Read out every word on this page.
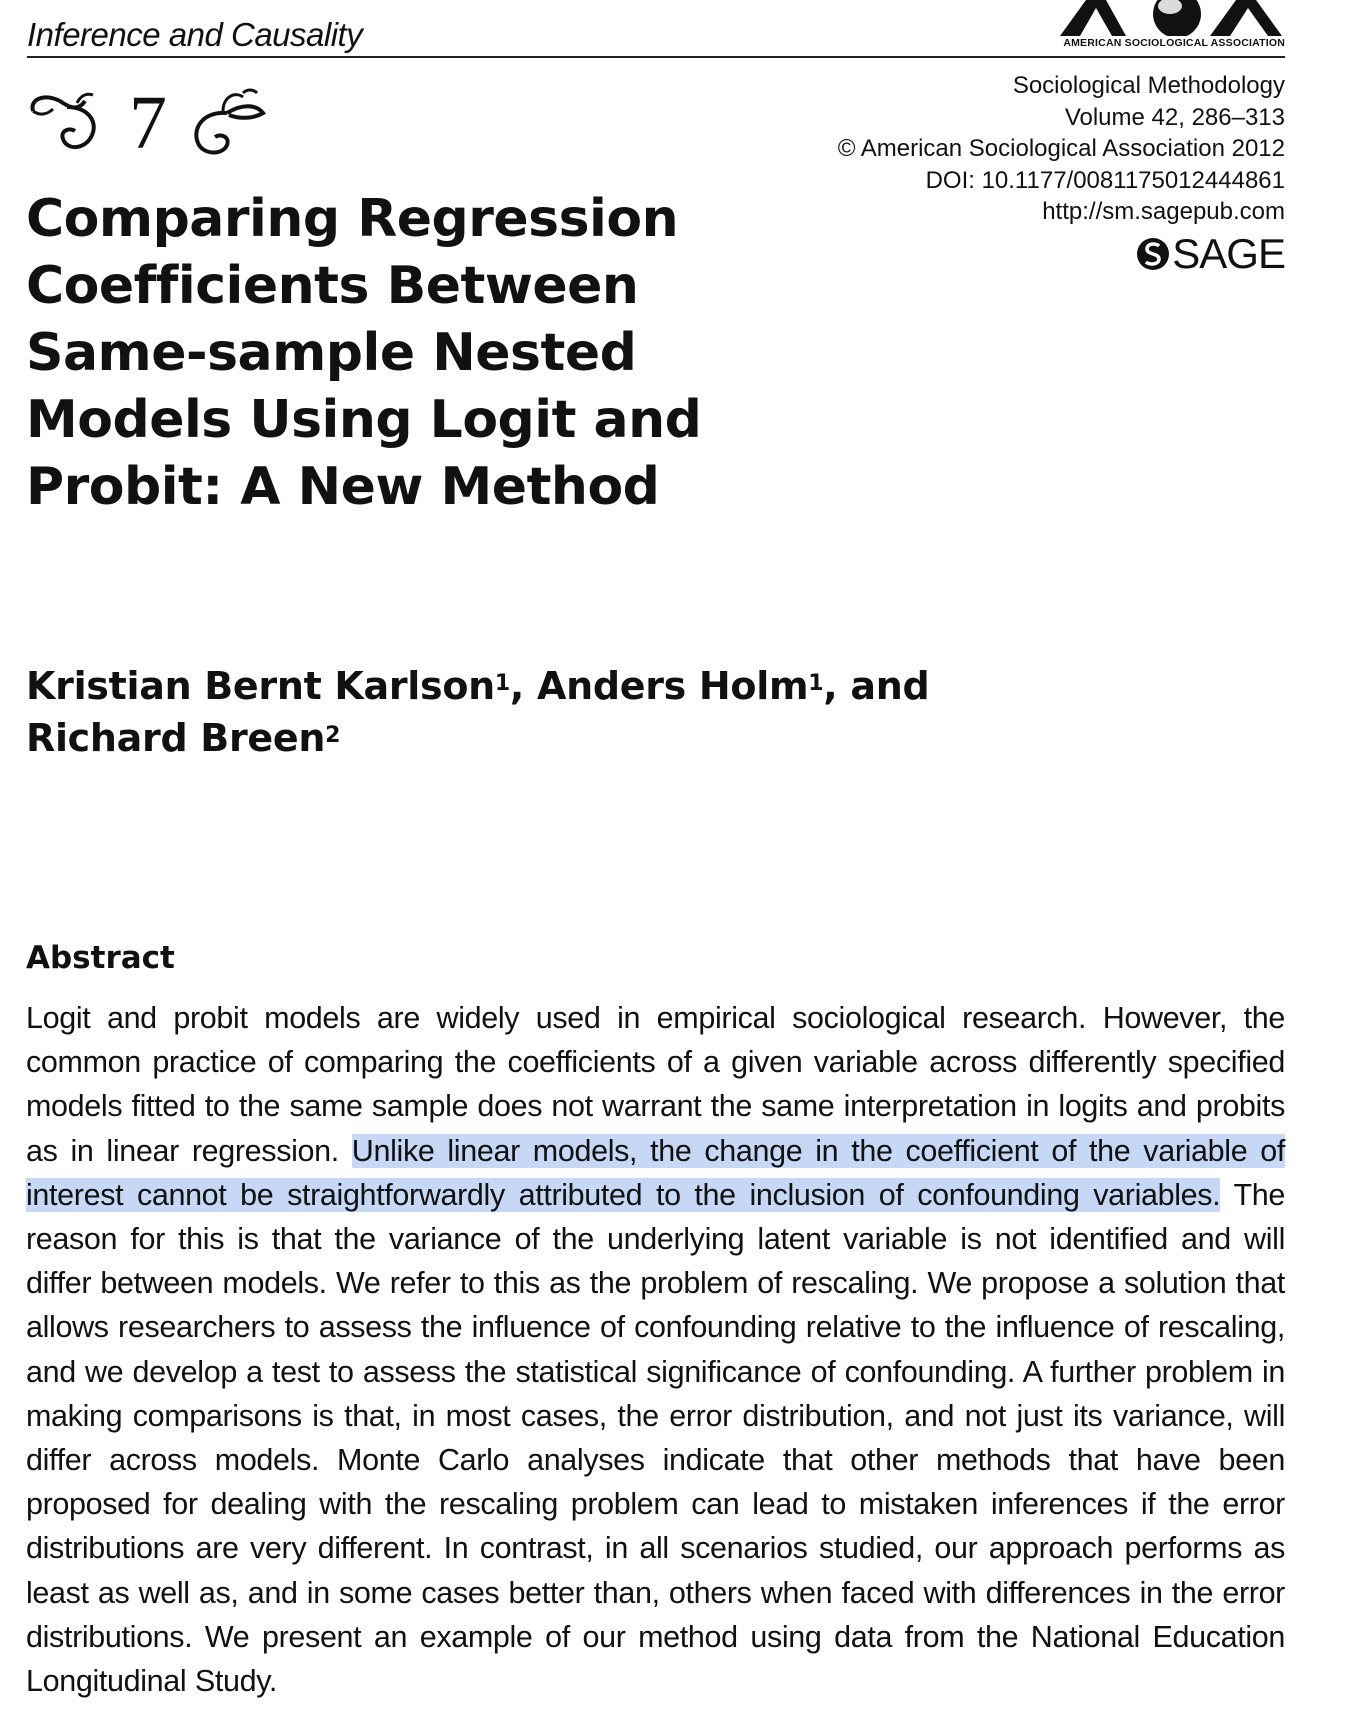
Inference and Causality	AMERICAN SOCIOLOGICAL ASSOCIATION
7	Sociological Methodology
Volume 42, 286–313
© American Sociological Association 2012
DOI: 10.1177/0081175012444861
http://sm.sagepub.com
SAGE
Comparing Regression Coefficients Between Same-sample Nested Models Using Logit and Probit: A New Method
Kristian Bernt Karlson$^1$, Anders Holm$^1$, and
Richard Breen$^2$
Abstract

Logit and probit models are widely used in empirical sociological research. However, the common practice of comparing the coefficients of a given variable across differently specified models fitted to the same sample does not warrant the same interpretation in logits and probits as in linear regression. Unlike linear models, the change in the coefficient of the variable of interest cannot be straightforwardly attributed to the inclusion of confounding variables. The reason for this is that the variance of the underlying latent variable is not identified and will differ between models. We refer to this as the problem of rescaling. We propose a solution that allows researchers to assess the influence of confounding relative to the influence of rescaling, and we develop a test to assess the statistical significance of confounding. A further problem in making comparisons is that, in most cases, the error distribution, and not just its variance, will differ across models. Monte Carlo analyses indicate that other methods that have been proposed for dealing with the rescaling problem can lead to mistaken inferences if the error distributions are very different. In contrast, in all scenarios studied, our approach performs as least as well as, and in some cases better than, others when faced with differences in the error distributions. We present an example of our method using data from the National Education Longitudinal Study.
